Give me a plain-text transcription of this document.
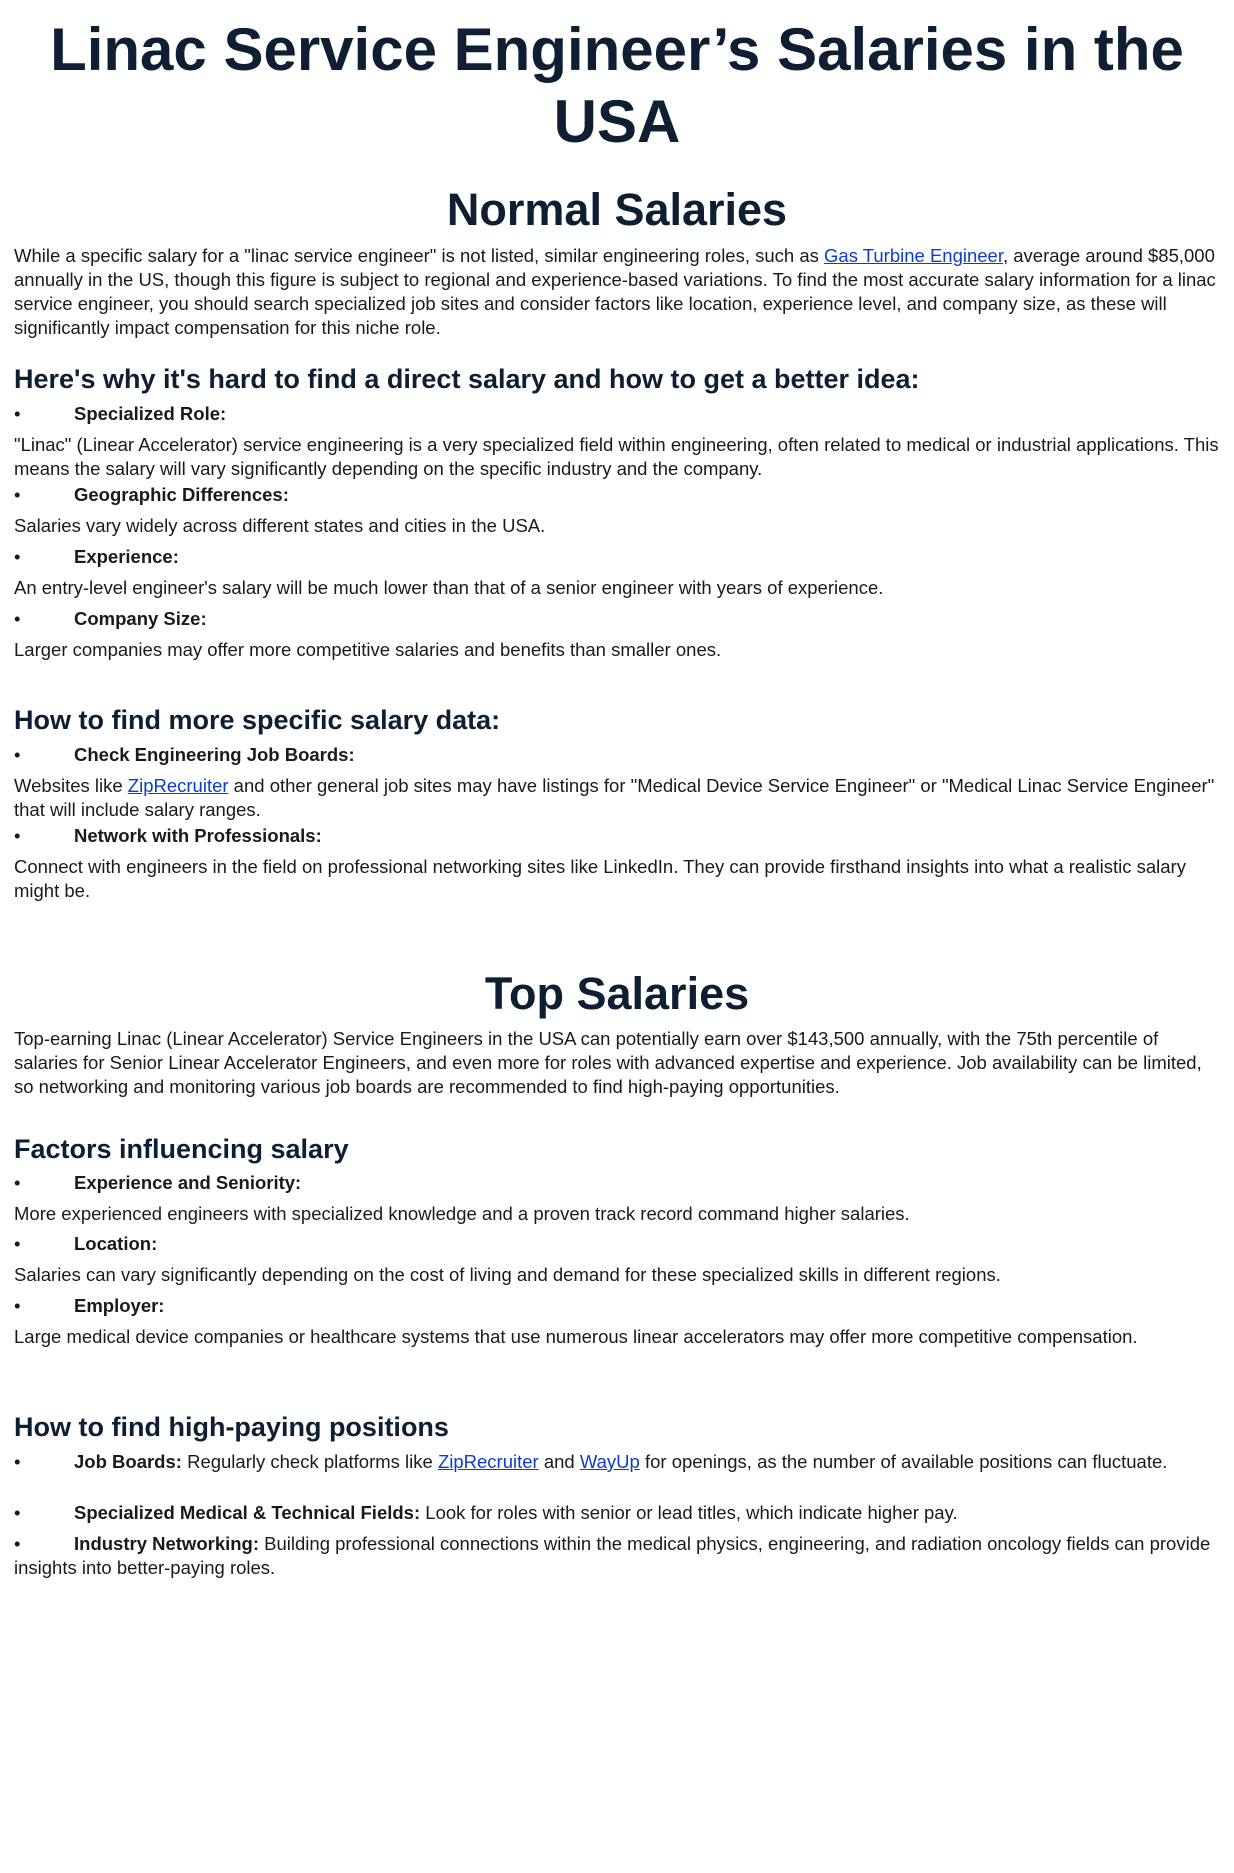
Linac Service Engineer’s Salaries in the USA
Normal Salaries

While a specific salary for a "linac service engineer" is not listed, similar engineering roles, such as Gas Turbine Engineer, average around $85,000 annually in the US, though this figure is subject to regional and experience-based variations. To find the most accurate salary information for a linac service engineer, you should search specialized job sites and consider factors like location, experience level, and company size, as these will significantly impact compensation for this niche role.

Here's why it's hard to find a direct salary and how to get a better idea:
•	Specialized Role:

"Linac" (Linear Accelerator) service engineering is a very specialized field within engineering, often related to medical or industrial applications. This means the salary will vary significantly depending on the specific industry and the company.

•	Geographic Differences:

Salaries vary widely across different states and cities in the USA.

•	Experience:

An entry-level engineer's salary will be much lower than that of a senior engineer with years of experience.

•	Company Size:

Larger companies may offer more competitive salaries and benefits than smaller ones.

How to find more specific salary data:
•	Check Engineering Job Boards:

Websites like ZipRecruiter and other general job sites may have listings for "Medical Device Service Engineer" or "Medical Linac Service Engineer" that will include salary ranges.

•	Network with Professionals:

Connect with engineers in the field on professional networking sites like LinkedIn. They can provide firsthand insights into what a realistic salary might be.

Top Salaries

Top-earning Linac (Linear Accelerator) Service Engineers in the USA can potentially earn over $143,500 annually, with the 75th percentile of salaries for Senior Linear Accelerator Engineers, and even more for roles with advanced expertise and experience. Job availability can be limited, so networking and monitoring various job boards are recommended to find high-paying opportunities.

Factors influencing salary
•	Experience and Seniority:

More experienced engineers with specialized knowledge and a proven track record command higher salaries.

•	Location:

Salaries can vary significantly depending on the cost of living and demand for these specialized skills in different regions.

•	Employer:

Large medical device companies or healthcare systems that use numerous linear accelerators may offer more competitive compensation.

How to find high-paying positions

•	Job Boards: Regularly check platforms like ZipRecruiter and WayUp for openings, as the number of available positions can fluctuate.

•	Specialized Medical & Technical Fields: Look for roles with senior or lead titles, which indicate higher pay.

•	Industry Networking: Building professional connections within the medical physics, engineering, and radiation oncology fields can provide insights into better-paying roles.
